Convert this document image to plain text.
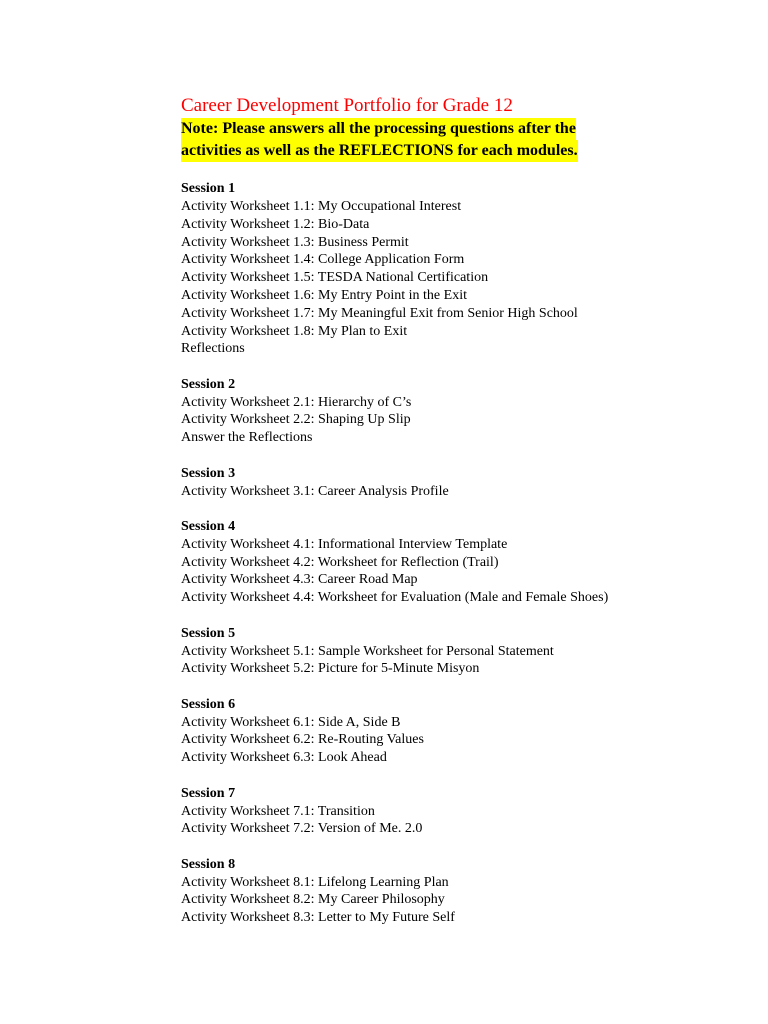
Career Development Portfolio for Grade 12

Note: Please answers all the processing questions after the
activities as well as the REFLECTIONS for each modules.

Session 1
Activity Worksheet 1.1: My Occupational Interest
Activity Worksheet 1.2: Bio-Data
Activity Worksheet 1.3: Business Permit
Activity Worksheet 1.4: College Application Form
Activity Worksheet 1.5: TESDA National Certification
Activity Worksheet 1.6: My Entry Point in the Exit
Activity Worksheet 1.7: My Meaningful Exit from Senior High School
Activity Worksheet 1.8: My Plan to Exit
Reflections
Session 2
Activity Worksheet 2.1: Hierarchy of C’s
Activity Worksheet 2.2: Shaping Up Slip
Answer the Reflections
Session 3
Activity Worksheet 3.1: Career Analysis Profile
Session 4
Activity Worksheet 4.1: Informational Interview Template
Activity Worksheet 4.2: Worksheet for Reflection (Trail)
Activity Worksheet 4.3: Career Road Map
Activity Worksheet 4.4: Worksheet for Evaluation (Male and Female Shoes)
Session 5
Activity Worksheet 5.1: Sample Worksheet for Personal Statement
Activity Worksheet 5.2: Picture for 5-Minute Misyon
Session 6
Activity Worksheet 6.1: Side A, Side B
Activity Worksheet 6.2: Re-Routing Values
Activity Worksheet 6.3: Look Ahead
Session 7
Activity Worksheet 7.1: Transition
Activity Worksheet 7.2: Version of Me. 2.0
Session 8
Activity Worksheet 8.1: Lifelong Learning Plan
Activity Worksheet 8.2: My Career Philosophy
Activity Worksheet 8.3: Letter to My Future Self
